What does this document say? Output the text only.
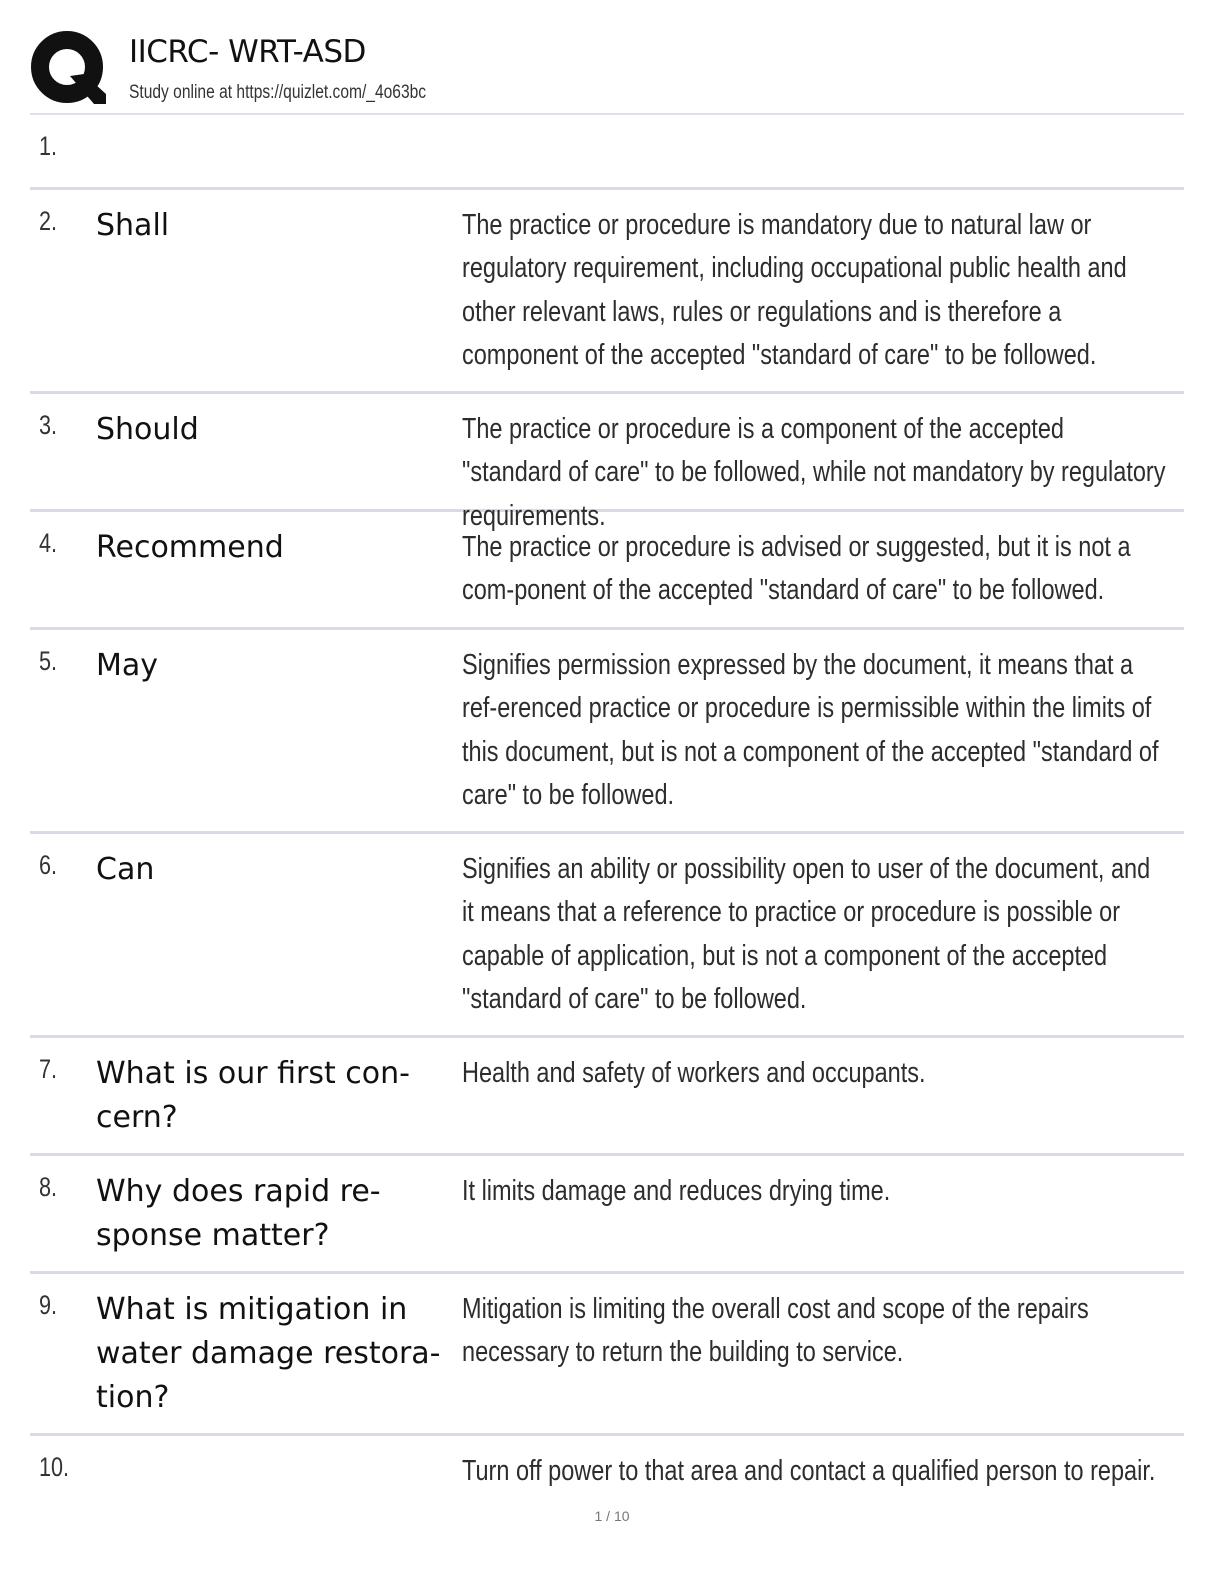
IICRC- WRT-ASD
Study online at https://quizlet.com/_4o63bc
1.
2. Shall	The practice or procedure is mandatory due to natural law or regulatory requirement, including occupational public health and other relevant laws, rules or regulations and is therefore a component of the accepted "standard of care" to be followed.
3. Should	The practice or procedure is a component of the accepted "standard of care" to be followed, while not mandatory by regulatory requirements.
4. Recommend	The practice or procedure is advised or suggested, but it is not a com-ponent of the accepted "standard of care" to be followed.
5. May	Signifies permission expressed by the document, it means that a ref-erenced practice or procedure is permissible within the limits of this document, but is not a component of the accepted "standard of care" to be followed.
6. Can	Signifies an ability or possibility open to user of the document, and it means that a reference to practice or procedure is possible or capable of application, but is not a component of the accepted "standard of care" to be followed.
7. What is our first con-cern?
Health and safety of workers and occupants.
8. Why does rapid re-sponse matter?
It limits damage and reduces drying time.
9. What is mitigation in water damage restora-tion?
Mitigation is limiting the overall cost and scope of the repairs necessary to return the building to service.
10.	Turn off power to that area and contact a qualified person to repair.
1 / 10
